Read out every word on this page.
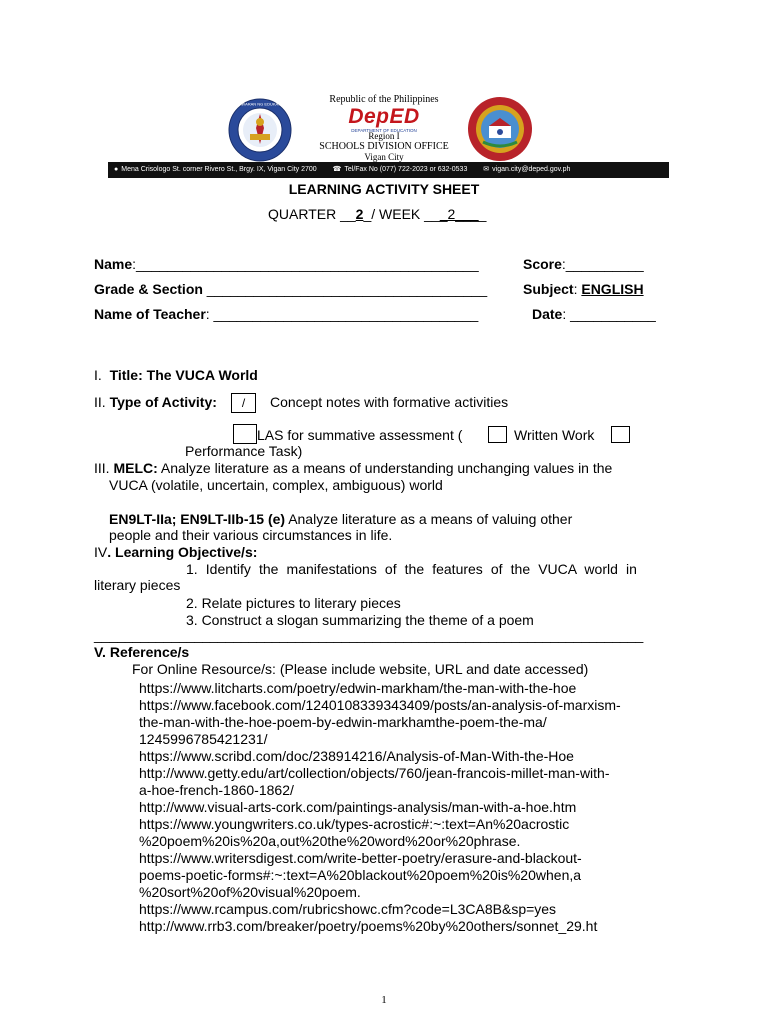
KAGAWARAN NG EDUKASYON	Republic of the Philippines
DepED
DEPARTMENT OF EDUCATION
Region I
SCHOOLS DIVISION OFFICE
Vigan City
● Mena Crisologo St. corner Rivero St., Brgy. IX, Vigan City 2700 ☎ Tel/Fax No (077) 722-2023 or 632-0533 ✉ vigan.city@deped.gov.ph
LEARNING ACTIVITY SHEET
QUARTER __2_/ WEEK ___2____
Name:____________________________________________	Score:__________
Grade & Section ____________________________________	Subject: ENGLISH
Name of Teacher: __________________________________	Date: ___________
I. Title: The VUCA World
II. Type of Activity:	/	Concept notes with formative activities
LAS for summative assessment (	Written Work
Performance Task)
III. MELC: Analyze literature as a means of understanding unchanging values in the
VUCA (volatile, uncertain, complex, ambiguous) world
EN9LT-IIa; EN9LT-IIb-15 (e) Analyze literature as a means of valuing other
people and their various circumstances in life.
IV. Learning Objective/s:
1. Identify the manifestations of the features of the VUCA world in
literary pieces
2. Relate pictures to literary pieces
3. Construct a slogan summarizing the theme of a poem
_______________________________________________________________________
V. Reference/s
For Online Resource/s: (Please include website, URL and date accessed)
https://www.litcharts.com/poetry/edwin-markham/the-man-with-the-hoe
https://www.facebook.com/1240108339343409/posts/an-analysis-of-marxism-
the-man-with-the-hoe-poem-by-edwin-markhamthe-poem-the-ma/
1245996785421231/
https://www.scribd.com/doc/238914216/Analysis-of-Man-With-the-Hoe
http://www.getty.edu/art/collection/objects/760/jean-francois-millet-man-with-
a-hoe-french-1860-1862/
http://www.visual-arts-cork.com/paintings-analysis/man-with-a-hoe.htm
https://www.youngwriters.co.uk/types-acrostic#:~:text=An%20acrostic
%20poem%20is%20a,out%20the%20word%20or%20phrase.
https://www.writersdigest.com/write-better-poetry/erasure-and-blackout-
poems-poetic-forms#:~:text=A%20blackout%20poem%20is%20when,a
%20sort%20of%20visual%20poem.
https://www.rcampus.com/rubricshowc.cfm?code=L3CA8B&sp=yes
http://www.rrb3.com/breaker/poetry/poems%20by%20others/sonnet_29.ht
1
